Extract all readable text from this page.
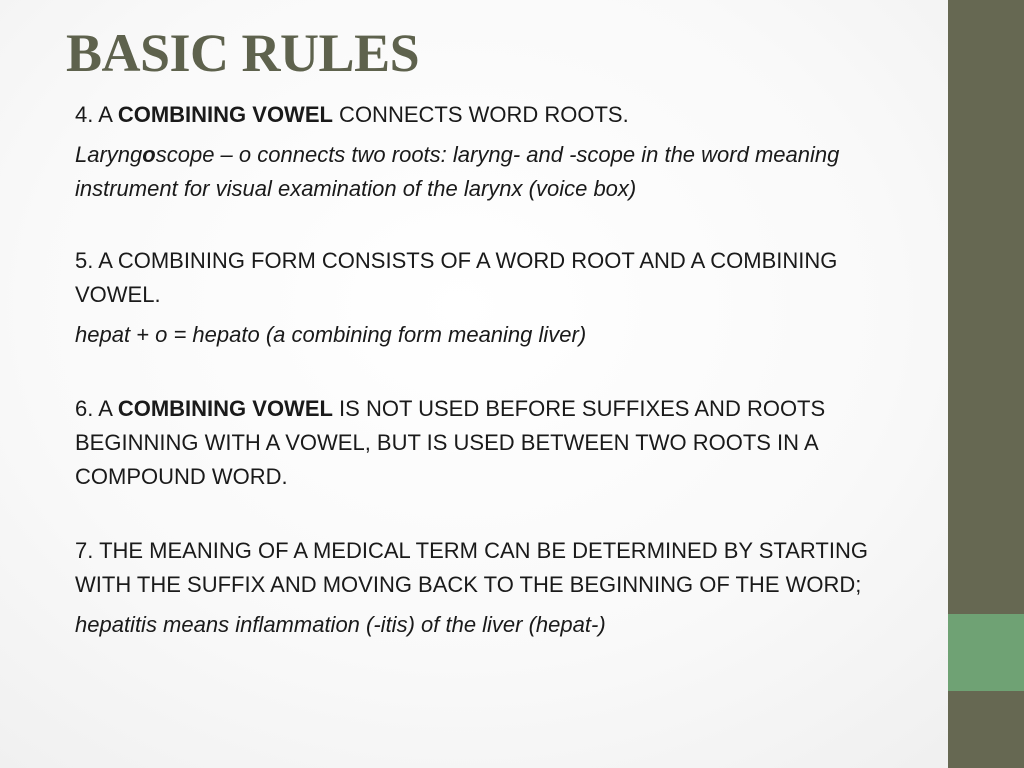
BASIC RULES

4. A COMBINING VOWEL CONNECTS WORD ROOTS.

Laryngoscope – o connects two roots: laryng- and -scope in the word meaning instrument for visual examination of the larynx (voice box)

5. A COMBINING FORM CONSISTS OF A WORD ROOT AND A COMBINING VOWEL.

hepat + o = hepato (a combining form meaning liver)

6. A COMBINING VOWEL IS NOT USED BEFORE SUFFIXES AND ROOTS BEGINNING WITH A VOWEL, BUT IS USED BETWEEN TWO ROOTS IN A COMPOUND WORD.

7. THE MEANING OF A MEDICAL TERM CAN BE DETERMINED BY STARTING WITH THE SUFFIX AND MOVING BACK TO THE BEGINNING OF THE WORD;

hepatitis means inflammation (-itis) of the liver (hepat-)
